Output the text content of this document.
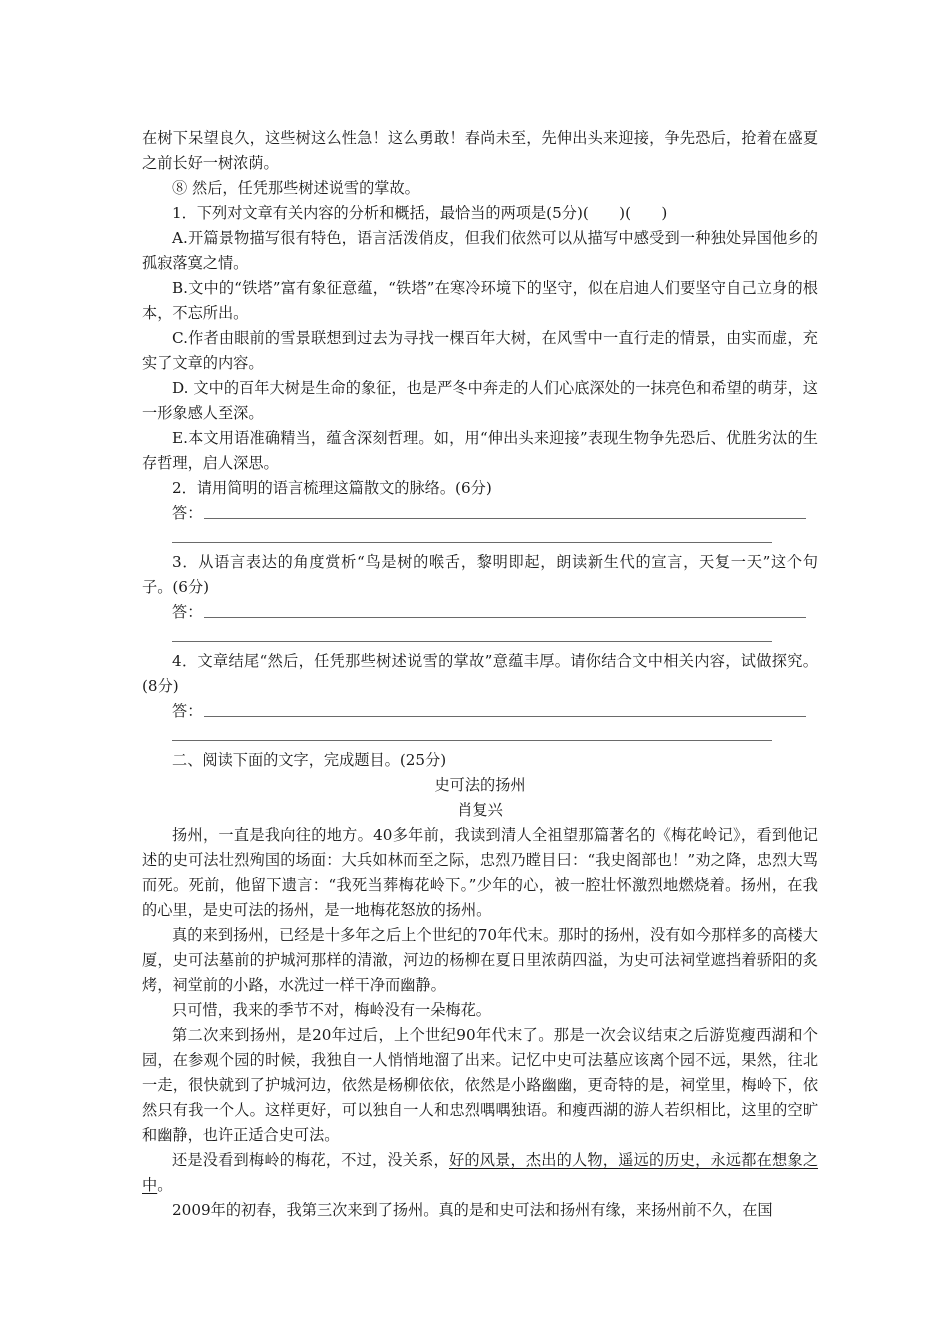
在树下呆望良久，这些树这么性急！这么勇敢！春尚未至，先伸出头来迎接，争先恐后，抢着在盛夏之前长好一树浓荫。

⑧ 然后，任凭那些树述说雪的掌故。

1．下列对文章有关内容的分析和概括，最恰当的两项是(5分)(　　)(　　)

A.开篇景物描写很有特色，语言活泼俏皮，但我们依然可以从描写中感受到一种独处异国他乡的孤寂落寞之情。

B.文中的“铁塔”富有象征意蕴，“铁塔”在寒冷环境下的坚守，似在启迪人们要坚守自己立身的根本，不忘所出。

C.作者由眼前的雪景联想到过去为寻找一棵百年大树，在风雪中一直行走的情景，由实而虚，充实了文章的内容。

D. 文中的百年大树是生命的象征，也是严冬中奔走的人们心底深处的一抹亮色和希望的萌芽，这一形象感人至深。

E.本文用语准确精当，蕴含深刻哲理。如，用“伸出头来迎接”表现生物争先恐后、优胜劣汰的生存哲理，启人深思。

2．请用简明的语言梳理这篇散文的脉络。(6分)

答：

3．从语言表达的角度赏析“鸟是树的喉舌，黎明即起，朗读新生代的宣言，天复一天”这个句子。(6分)

答：

4．文章结尾“然后，任凭那些树述说雪的掌故”意蕴丰厚。请你结合文中相关内容，试做探究。(8分)

答：

二、阅读下面的文字，完成题目。(25分)

史可法的扬州
肖复兴

扬州，一直是我向往的地方。40多年前，我读到清人全祖望那篇著名的《梅花岭记》，看到他记述的史可法壮烈殉国的场面：大兵如林而至之际，忠烈乃瞠目曰：“我史阁部也！”劝之降，忠烈大骂而死。死前，他留下遗言：“我死当葬梅花岭下。”少年的心，被一腔壮怀激烈地燃烧着。扬州，在我的心里，是史可法的扬州，是一地梅花怒放的扬州。

真的来到扬州，已经是十多年之后上个世纪的70年代末。那时的扬州，没有如今那样多的高楼大厦，史可法墓前的护城河那样的清澈，河边的杨柳在夏日里浓荫四溢，为史可法祠堂遮挡着骄阳的炙烤，祠堂前的小路，水洗过一样干净而幽静。

只可惜，我来的季节不对，梅岭没有一朵梅花。

第二次来到扬州，是20年过后，上个世纪90年代末了。那是一次会议结束之后游览瘦西湖和个园，在参观个园的时候，我独自一人悄悄地溜了出来。记忆中史可法墓应该离个园不远，果然，往北一走，很快就到了护城河边，依然是杨柳依依，依然是小路幽幽，更奇特的是，祠堂里，梅岭下，依然只有我一个人。这样更好，可以独自一人和忠烈喁喁独语。和瘦西湖的游人若织相比，这里的空旷和幽静，也许正适合史可法。

还是没看到梅岭的梅花，不过，没关系，好的风景，杰出的人物，遥远的历史，永远都在想象之中。

2009年的初春，我第三次来到了扬州。真的是和史可法和扬州有缘，来扬州前不久，在国
